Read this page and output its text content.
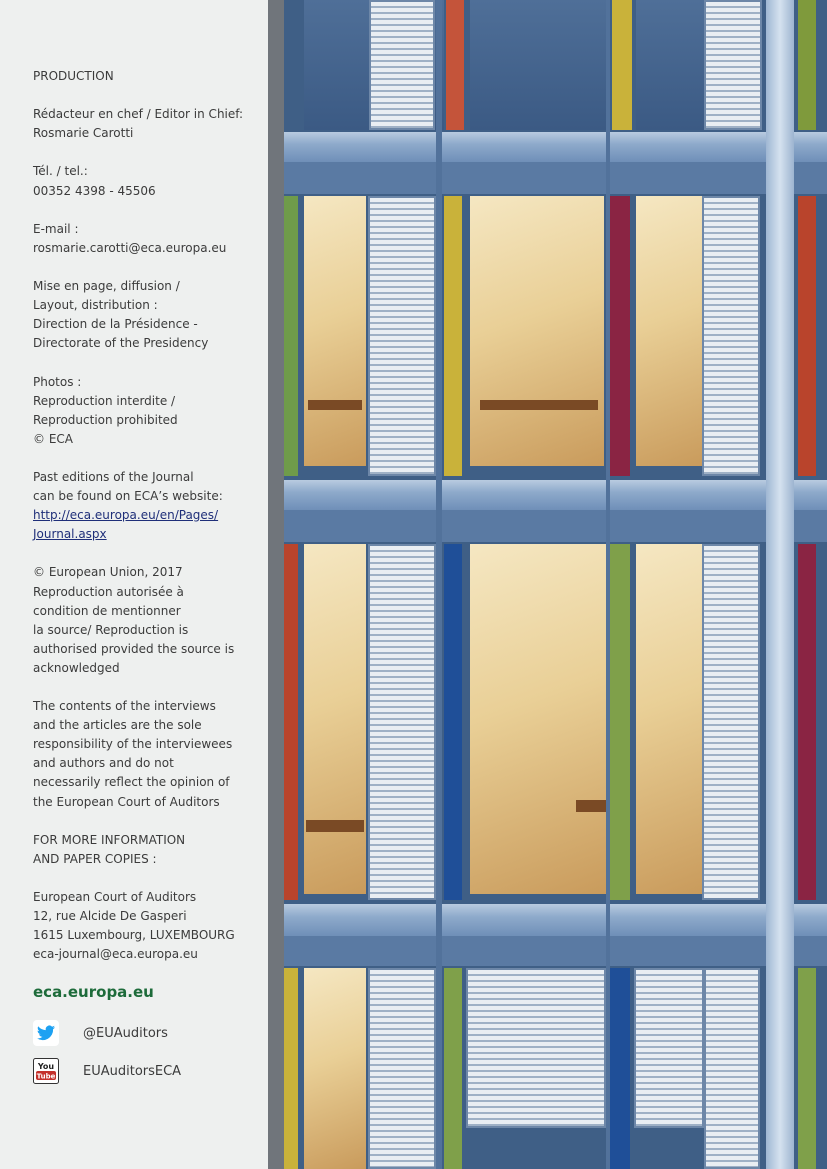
PRODUCTION

Rédacteur en chef / Editor in Chief:
Rosmarie Carotti

Tél. / tel.:
00352 4398 - 45506

E-mail :
rosmarie.carotti@eca.europa.eu

Mise en page, diffusion /
Layout, distribution :
Direction de la Présidence -
Directorate of the Presidency

Photos :
Reproduction interdite /
Reproduction prohibited
© ECA

Past editions of the Journal
can be found on ECA’s website:

http://eca.europa.eu/en/Pages/
Journal.aspx

© European Union, 2017
Reproduction autorisée à
condition de mentionner
la source/ Reproduction is
authorised provided the source is
acknowledged

The contents of the interviews
and the articles are the sole
responsibility of the interviewees
and authors and do not
necessarily reflect the opinion of
the European Court of Auditors

FOR MORE INFORMATION
AND PAPER COPIES :

European Court of Auditors
12, rue Alcide De Gasperi
1615 Luxembourg, LUXEMBOURG
eca-journal@eca.europa.eu

eca.europa.eu
@EUAuditors
You
Tube EUAuditorsECA
